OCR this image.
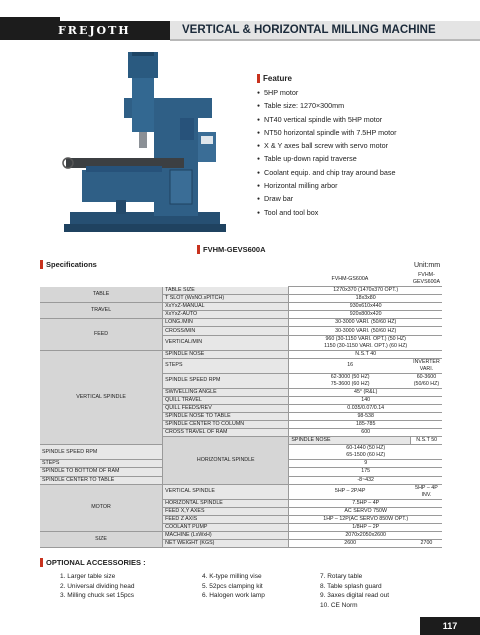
FREJOTH	VERTICAL & HORIZONTAL MILLING MACHINE
Feature
● 5HP motor
● Table size: 1270×300mm
● NT40 vertical spindle with 5HP motor
● NT50 horizontal spindle with 7.5HP motor
● X & Y axes ball screw with servo motor
● Table up-down rapid traverse
● Coolant equip. and chip tray around base
● Horizontal milling arbor
● Draw bar
● Tool and tool box
FVHM-GEVS600A
Specifications	Unit:mm
		FVHM-GS600A	FVHM-GEVS600A
TABLE	TABLE SIZE	1270x370 (1470x370 OPT.)	
	T SLOT (WxNO.xPITCH)	18x3x80	
TRAVEL	XxYxZ-MANUAL	930x610x440	
	XxYxZ-AUTO	920x800x420	
FEED	LONG./MIN	30-3000 VARI. (50/60 HZ)	
	CROSS/MIN	30-3000 VARI. (50/60 HZ)	
	VERTICAL/MIN	960 (30-1150 VARI. OPT.) (50 HZ)
1150 (30-1150 VARI. OPT.) (60 HZ)	
VERTICAL SPINDLE	SPINDLE NOSE	N.S.T 40	
	STEPS	16	INVERTER VARI.
	SPINDLE SPEED RPM	62-3000 (50 HZ)
75-3600 (60 HZ)	60-3600 (50/60 HZ)
	SWIVELLING ANGLE	45° (R&L)	
	QUILL TRAVEL	140	
	QUILL FEEDS/REV	0.035/0.07/0.14	
	SPINDLE NOSE TO TABLE	98-538	
	SPINDLE CENTER TO COLUMN	185-785	
	CROSS TRAVEL OF RAM	600	
	HORIZONTAL SPINDLE	SPINDLE NOSE	N.S.T 50
SPINDLE SPEED RPM		60-1440 (50 HZ)
65-1500 (60 HZ)	
STEPS		9	
SPINDLE TO BOTTOM OF RAM		175	
SPINDLE CENTER TO TABLE		-8~432	
MOTOR	VERTICAL SPINDLE	5HP – 2P/4P	5HP – 4P INV.
	HORIZONTAL SPINDLE	7.5HP – 4P	
	FEED X,Y AXES	AC SERVO 750W	
	FEED Z AXIS	1HP – 12P(AC SERVO 850W OPT.)	
	COOLANT PUMP	1/8HP – 2P	
SIZE	MACHINE (LxWxH)	2070x2050x2600	
	NET WEIGHT (KGS)	2600	2700
OPTIONAL ACCESSORIES :
1. Larger table size
2. Universal dividing head
3. Milling chuck set 15pcs
4. K-type milling vise
5. 52pcs clamping kit
6. Halogen work lamp
7. Rotary table
8. Table splash guard
9. 3axes digital read out
10. CE Norm
117
